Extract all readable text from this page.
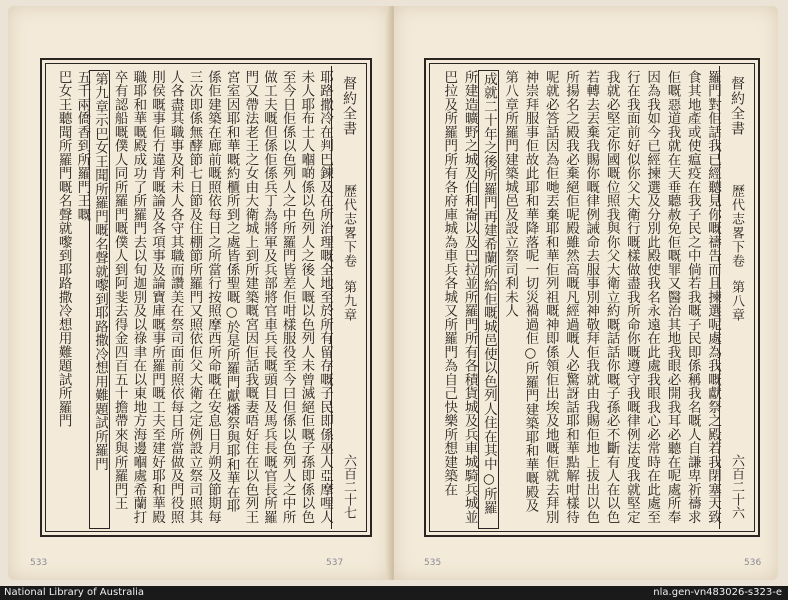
耶路撒冷在判巴鍊及在所治理嘅全地至於所有留存嘅子民即係巫人亞摩哩人
未人耶布士人嗰啲係以色列人之後人嘅以色列人未曾滅絕佢嘅子孫即係以色
至今日佢係以色列人之中所羅門皆差佢咁樣服役至今曰但係以色列人之中所
做工夫嘅但係佢係兵丁為將軍及兵部將官車兵長嘅頭目及馬兵長嘅官長所羅
門又帶法老王之女由大衛城上到所建築嘅宮因佢話我嘅妻唔好住在以色列王
宮室因耶和華嘅約櫃所到之處皆係聖嘅○於是所羅門獻燔祭與耶和華在耶
係佢建築在廊前嘅照依每日之所當行按照摩西所命嘅在安息日月朔及節期每
三次即係無酵節七日節及住棚節所羅門又照依佢父大衛之定例設立祭司照其
人各盡其職事及利未人各守其職而讚美在祭司面前照依每日所當做及門役照
刖侯嘅事佢冇違背嘅論及各項事及論寶庫嘅事所羅門嘅工夫至建好耶和華殿
職耶和華嘅殿成功了所羅門去以旬迦別及以祿聿在以東地方海邊嗰處希蘭打
卒有認船嘅僕人同所羅門嘅僕人到阿斐去得金四百五十擔帶來與所羅門王
第九章示巴女王聞所羅門嘅名聲就嚟到耶路撒冷想用難題試所羅門
五千兩僑香到所羅門王嘅
巴女王聽聞所羅門嘅名聲就嚟到耶路撒冷想用難題試所羅門	督約全書
歷代志畧下卷
第九章
六百二十七
533	537
羅門對佢話我已經聽見你嘅禱告而且揀選呢處為我嘅獻祭之殿若我閉塞天致
食其地產或使瘟疫在我子民之中倘若我嘅子民即係稱我名嘅人自謙卑祈禱求
佢嘅惡道我就在天垂聽赦免佢嘅罪又醫治其地我眼必開我耳必聽在呢處所奉
因為我如今已經揀選及分別此殿使我名永遠在此處我眼我心必常時在此處至
行在我面前好似你父大衛行嘅樣做盡我所命你嘅遵守我嘅律例法度我就堅定
我就必堅定你國嘅位照我與你父大衛立約嘅話話你嘅子孫必不斷有人在以色
若轉去丟棄我賜你嘅律例誡命去服事別神敬拜佢我就由我賜佢地上拔出以色
所揚名之殿我必棄絕佢呢殿雖然高嘅凡經過嘅人必驚訝話耶和華點解咁樣待
呢就必答話因為佢哋丟棄耶和華佢列祖嘅神即係領佢出埃及地嘅佢就去拜別
神崇拜服事佢故此耶和華降落呢一切災禍過佢○所羅門建築耶和華嘅殿及
第八章所羅門建築城邑及設立祭司利未人
成就二十年之後所羅門再建希蘭所給佢嘅城邑使以色列人住在其中○所羅
所建造曠野之城及伯和崙以及巴拉並所羅門所有各積貨城及兵車城騎兵城並
巴拉及所羅門所有各府庫城為車兵各城又所羅門為自己快樂所想建築在	督約全書
歷代志畧下卷
第八章
六百二十六
535	536
National Library of Australia	nla.gen-vn483026-s323-e
